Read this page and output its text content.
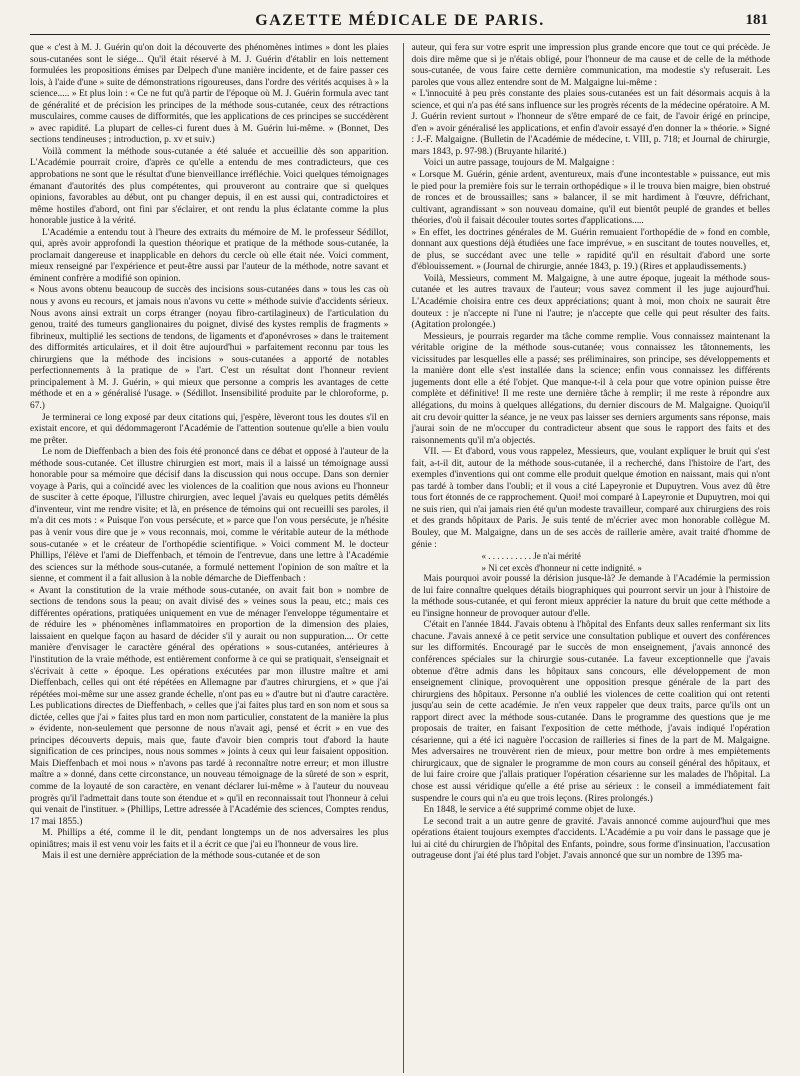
GAZETTE MÉDICALE DE PARIS.	181

que « c'est à M. J. Guérin qu'on doit la découverte des phénomènes intimes » dont les plaies sous-cutanées sont le siége... Qu'il était réservé à M. J. Guérin d'établir en lois nettement formulées les propositions émises par Delpech d'une manière incidente, et de faire passer ces lois, à l'aide d'une » suite de démonstrations rigoureuses, dans l'ordre des vérités acquises à » la science..... » Et plus loin : « Ce ne fut qu'à partir de l'époque où M. J. Guérin formula avec tant de généralité et de précision les principes de la méthode sous-cutanée, ceux des rétractions musculaires, comme causes de difformités, que les applications de ces principes se succédèrent » avec rapidité. La plupart de celles-ci furent dues à M. Guérin lui-même. » (Bonnet, Des sections tendineuses ; introduction, p. xv et suiv.)

Voilà comment la méthode sous-cutanée a été saluée et accueillie dès son apparition. L'Académie pourrait croire, d'après ce qu'elle a entendu de mes contradicteurs, que ces approbations ne sont que le résultat d'une bienveillance irréfléchie. Voici quelques témoignages émanant d'autorités des plus compétentes, qui prouveront au contraire que si quelques opinions, favorables au début, ont pu changer depuis, il en est aussi qui, contradictoires et même hostiles d'abord, ont fini par s'éclairer, et ont rendu la plus éclatante comme la plus honorable justice à la vérité.

L'Académie a entendu tout à l'heure des extraits du mémoire de M. le professeur Sédillot, qui, après avoir approfondi la question théorique et pratique de la méthode sous-cutanée, la proclamait dangereuse et inapplicable en dehors du cercle où elle était née. Voici comment, mieux renseigné par l'expérience et peut-être aussi par l'auteur de la méthode, notre savant et éminent confrère a modifié son opinion.

« Nous avons obtenu beaucoup de succès des incisions sous-cutanées dans » tous les cas où nous y avons eu recours, et jamais nous n'avons vu cette » méthode suivie d'accidents sérieux. Nous avons ainsi extrait un corps étranger (noyau fibro-cartilagineux) de l'articulation du genou, traité des tumeurs ganglionaires du poignet, divisé des kystes remplis de fragments » fibrineux, multiplié les sections de tendons, de ligaments et d'aponévroses » dans le traitement des difformités articulaires, et il doit être aujourd'hui » parfaitement reconnu par tous les chirurgiens que la méthode des incisions » sous-cutanées a apporté de notables perfectionnements à la pratique de » l'art. C'est un résultat dont l'honneur revient principalement à M. J. Guérin, » qui mieux que personne a compris les avantages de cette méthode et en a » généralisé l'usage. » (Sédillot. Insensibilité produite par le chloroforme, p. 67.)

Je terminerai ce long exposé par deux citations qui, j'espère, lèveront tous les doutes s'il en existait encore, et qui dédommageront l'Académie de l'attention soutenue qu'elle a bien voulu me prêter.

Le nom de Dieffenbach a bien des fois été prononcé dans ce débat et opposé à l'auteur de la méthode sous-cutanée. Cet illustre chirurgien est mort, mais il a laissé un témoignage aussi honorable pour sa mémoire que décisif dans la discussion qui nous occupe. Dans son dernier voyage à Paris, qui a coïncidé avec les violences de la coalition que nous avions eu l'honneur de susciter à cette époque, l'illustre chirurgien, avec lequel j'avais eu quelques petits démêlés d'inventeur, vint me rendre visite; et là, en présence de témoins qui ont recueilli ses paroles, il m'a dit ces mots : « Puisque l'on vous persécute, et » parce que l'on vous persécute, je n'hésite pas à venir vous dire que je » vous reconnais, moi, comme le véritable auteur de la méthode sous-cutanée » et le créateur de l'orthopédie scientifique. » Voici comment M. le docteur Phillips, l'élève et l'ami de Dieffenbach, et témoin de l'entrevue, dans une lettre à l'Académie des sciences sur la méthode sous-cutanée, a formulé nettement l'opinion de son maître et la sienne, et comment il a fait allusion à la noble démarche de Dieffenbach :

« Avant la constitution de la vraie méthode sous-cutanée, on avait fait bon » nombre de sections de tendons sous la peau; on avait divisé des » veines sous la peau, etc.; mais ces différentes opérations, pratiquées uniquement en vue de ménager l'enveloppe tégumentaire et de réduire les » phénomènes inflammatoires en proportion de la dimension des plaies, laissaient en quelque façon au hasard de décider s'il y aurait ou non suppuration.... Or cette manière d'envisager le caractère général des opérations » sous-cutanées, antérieures à l'institution de la vraie méthode, est entièrement conforme à ce qui se pratiquait, s'enseignait et s'écrivait à cette » époque. Les opérations exécutées par mon illustre maître et ami Dieffenbach, celles qui ont été répétées en Allemagne par d'autres chirurgiens, et » que j'ai répétées moi-même sur une assez grande échelle, n'ont pas eu » d'autre but ni d'autre caractère. Les publications directes de Dieffenbach, » celles que j'ai faites plus tard en son nom et sous sa dictée, celles que j'ai » faites plus tard en mon nom particulier, constatent de la manière la plus » évidente, non-seulement que personne de nous n'avait agi, pensé et écrit » en vue des principes découverts depuis, mais que, faute d'avoir bien compris tout d'abord la haute signification de ces principes, nous nous sommes » joints à ceux qui leur faisaient opposition. Mais Dieffenbach et moi nous » n'avons pas tardé à reconnaître notre erreur; et mon illustre maître a » donné, dans cette circonstance, un nouveau témoignage de la sûreté de son » esprit, comme de la loyauté de son caractère, en venant déclarer lui-même » à l'auteur du nouveau progrès qu'il l'admettait dans toute son étendue et » qu'il en reconnaissait tout l'honneur à celui qui venait de l'instituer. » (Phillips, Lettre adressée à l'Académie des sciences, Comptes rendus, 17 mai 1855.)

M. Phillips a été, comme il le dit, pendant longtemps un de nos adversaires les plus opiniâtres; mais il est venu voir les faits et il a écrit ce que j'ai eu l'honneur de vous lire.

Mais il est une dernière appréciation de la méthode sous-cutanée et de son

auteur, qui fera sur votre esprit une impression plus grande encore que tout ce qui précède. Je dois dire même que si je n'étais obligé, pour l'honneur de ma cause et de celle de la méthode sous-cutanée, de vous faire cette dernière communication, ma modestie s'y refuserait. Les paroles que vous allez entendre sont de M. Malgaigne lui-même :

« L'innocuité à peu près constante des plaies sous-cutanées est un fait désormais acquis à la science, et qui n'a pas été sans influence sur les progrès récents de la médecine opératoire. A M. J. Guérin revient surtout » l'honneur de s'être emparé de ce fait, de l'avoir érigé en principe, d'en » avoir généralisé les applications, et enfin d'avoir essayé d'en donner la » théorie. » Signé : J.-F. Malgaigne. (Bulletin de l'Académie de médecine, t. VIII, p. 718; et Journal de chirurgie, mars 1843, p. 97-98.) (Bruyante hilarité.)

Voici un autre passage, toujours de M. Malgaigne :

« Lorsque M. Guérin, génie ardent, aventureux, mais d'une incontestable » puissance, eut mis le pied pour la première fois sur le terrain orthopédique » il le trouva bien maigre, bien obstrué de ronces et de broussailles; sans » balancer, il se mit hardiment à l'œuvre, défrichant, cultivant, agrandissant » son nouveau domaine, qu'il eut bientôt peuplé de grandes et belles théories, d'où il faisait découler toutes sortes d'applications.....

» En effet, les doctrines générales de M. Guérin remuaient l'orthopédie de » fond en comble, donnant aux questions déjà étudiées une face imprévue, » en suscitant de toutes nouvelles, et, de plus, se succédant avec une telle » rapidité qu'il en résultait d'abord une sorte d'éblouissement. » (Journal de chirurgie, année 1843, p. 19.) (Rires et applaudissements.)

Voilà, Messieurs, comment M. Malgaigne, à une autre époque, jugeait la méthode sous-cutanée et les autres travaux de l'auteur; vous savez comment il les juge aujourd'hui. L'Académie choisira entre ces deux appréciations; quant à moi, mon choix ne saurait être douteux : je n'accepte ni l'une ni l'autre; je n'accepte que celle qui peut résulter des faits. (Agitation prolongée.)

Messieurs, je pourrais regarder ma tâche comme remplie. Vous connaissez maintenant la véritable origine de la méthode sous-cutanée; vous connaissez les tâtonnements, les vicissitudes par lesquelles elle a passé; ses préliminaires, son principe, ses développements et la manière dont elle s'est installée dans la science; enfin vous connaissez les différents jugements dont elle a été l'objet. Que manque-t-il à cela pour que votre opinion puisse être complète et définitive! Il me reste une dernière tâche à remplir; il me reste à répondre aux allégations, du moins à quelques allégations, du dernier discours de M. Malgaigne. Quoiqu'il ait cru devoir quitter la séance, je ne veux pas laisser ses derniers arguments sans réponse, mais j'aurai soin de ne m'occuper du contradicteur absent que sous le rapport des faits et des raisonnements qu'il m'a objectés.

VII. — Et d'abord, vous vous rappelez, Messieurs, que, voulant expliquer le bruit qui s'est fait, a-t-il dit, autour de la méthode sous-cutanée, il a recherché, dans l'histoire de l'art, des exemples d'inventions qui ont comme elle produit quelque émotion en naissant, mais qui n'ont pas tardé à tomber dans l'oubli; et il vous a cité Lapeyronie et Dupuytren. Vous avez dû être tous fort étonnés de ce rapprochement. Quoi! moi comparé à Lapeyronie et Dupuytren, moi qui ne suis rien, qui n'ai jamais rien été qu'un modeste travailleur, comparé aux chirurgiens des rois et des grands hôpitaux de Paris. Je suis tenté de m'écrier avec mon honorable collègue M. Bouley, que M. Malgaigne, dans un de ses accès de raillerie amère, avait traité d'homme de génie :

« . . . . . . . . . . Je n'ai mérité

» Ni cet excès d'honneur ni cette indignité. »

Mais pourquoi avoir poussé la dérision jusque-là? Je demande à l'Académie la permission de lui faire connaître quelques détails biographiques qui pourront servir un jour à l'histoire de la méthode sous-cutanée, et qui feront mieux apprécier la nature du bruit que cette méthode a eu l'insigne honneur de provoquer autour d'elle.

C'était en l'année 1844. J'avais obtenu à l'hôpital des Enfants deux salles renfermant six lits chacune. J'avais annexé à ce petit service une consultation publique et ouvert des conférences sur les difformités. Encouragé par le succès de mon enseignement, j'avais annoncé des conférences spéciales sur la chirurgie sous-cutanée. La faveur exceptionnelle que j'avais obtenue d'être admis dans les hôpitaux sans concours, elle développement de mon enseignement clinique, provoquèrent une opposition presque générale de la part des chirurgiens des hôpitaux. Personne n'a oublié les violences de cette coalition qui ont retenti jusqu'au sein de cette académie. Je n'en veux rappeler que deux traits, parce qu'ils ont un rapport direct avec la méthode sous-cutanée. Dans le programme des questions que je me proposais de traiter, en faisant l'exposition de cette méthode, j'avais indiqué l'opération césarienne, qui a été ici naguère l'occasion de railleries si fines de la part de M. Malgaigne. Mes adversaires ne trouvèrent rien de mieux, pour mettre bon ordre à mes empiètements chirurgicaux, que de signaler le programme de mon cours au conseil général des hôpitaux, et de lui faire croire que j'allais pratiquer l'opération césarienne sur les malades de l'hôpital. La chose est aussi véridique qu'elle a été prise au sérieux : le conseil a immédiatement fait suspendre le cours qui n'a eu que trois leçons. (Rires prolongés.)

En 1848, le service a été supprimé comme objet de luxe.

Le second trait a un autre genre de gravité. J'avais annoncé comme aujourd'hui que mes opérations étaient toujours exemptes d'accidents. L'Académie a pu voir dans le passage que je lui ai cité du chirurgien de l'hôpital des Enfants, poindre, sous forme d'insinuation, l'accusation outrageuse dont j'ai été plus tard l'objet. J'avais annoncé que sur un nombre de 1395 ma-
